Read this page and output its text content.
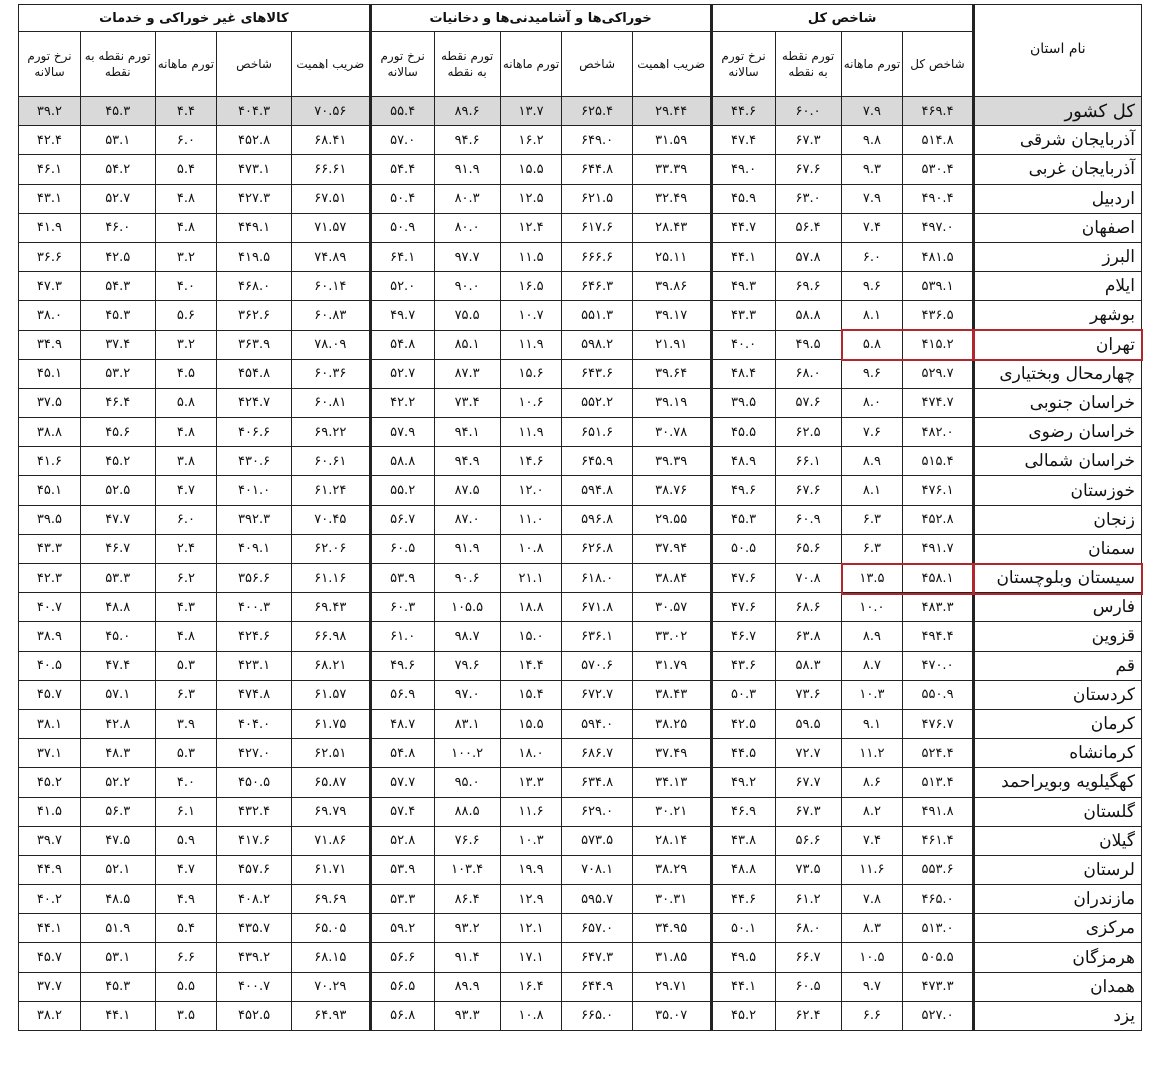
نام استان	شاخص کل				خوراکی‌ها و آشامیدنی‌ها و دخانیات					کالاهای غیر خوراکی و خدمات				
	شاخص کل	تورم ماهانه	تورم نقطه به نقطه	نرخ تورم سالانه	ضریب اهمیت	شاخص	تورم ماهانه	تورم نقطه به نقطه	نرخ تورم سالانه	ضریب اهمیت	شاخص	تورم ماهانه	تورم نقطه به نقطه	نرخ تورم سالانه
کل کشور	۴۶۹.۴	۷.۹	۶۰.۰	۴۴.۶	۲۹.۴۴	۶۲۵.۴	۱۳.۷	۸۹.۶	۵۵.۴	۷۰.۵۶	۴۰۴.۳	۴.۴	۴۵.۳	۳۹.۲
آذربایجان شرقی	۵۱۴.۸	۹.۸	۶۷.۳	۴۷.۴	۳۱.۵۹	۶۴۹.۰	۱۶.۲	۹۴.۶	۵۷.۰	۶۸.۴۱	۴۵۲.۸	۶.۰	۵۳.۱	۴۲.۴
آذربایجان غربی	۵۳۰.۴	۹.۳	۶۷.۶	۴۹.۰	۳۳.۳۹	۶۴۴.۸	۱۵.۵	۹۱.۹	۵۴.۴	۶۶.۶۱	۴۷۳.۱	۵.۴	۵۴.۲	۴۶.۱
اردبیل	۴۹۰.۴	۷.۹	۶۳.۰	۴۵.۹	۳۲.۴۹	۶۲۱.۵	۱۲.۵	۸۰.۳	۵۰.۴	۶۷.۵۱	۴۲۷.۳	۴.۸	۵۲.۷	۴۳.۱
اصفهان	۴۹۷.۰	۷.۴	۵۶.۴	۴۴.۷	۲۸.۴۳	۶۱۷.۶	۱۲.۴	۸۰.۰	۵۰.۹	۷۱.۵۷	۴۴۹.۱	۴.۸	۴۶.۰	۴۱.۹
البرز	۴۸۱.۵	۶.۰	۵۷.۸	۴۴.۱	۲۵.۱۱	۶۶۶.۶	۱۱.۵	۹۷.۷	۶۴.۱	۷۴.۸۹	۴۱۹.۵	۳.۲	۴۲.۵	۳۶.۶
ایلام	۵۳۹.۱	۹.۶	۶۹.۶	۴۹.۳	۳۹.۸۶	۶۴۶.۳	۱۶.۵	۹۰.۰	۵۲.۰	۶۰.۱۴	۴۶۸.۰	۴.۰	۵۴.۳	۴۷.۳
بوشهر	۴۳۶.۵	۸.۱	۵۸.۸	۴۳.۳	۳۹.۱۷	۵۵۱.۳	۱۰.۷	۷۵.۵	۴۹.۷	۶۰.۸۳	۳۶۲.۶	۵.۶	۴۵.۳	۳۸.۰
تهران	۴۱۵.۲	۵.۸	۴۹.۵	۴۰.۰	۲۱.۹۱	۵۹۸.۲	۱۱.۹	۸۵.۱	۵۴.۸	۷۸.۰۹	۳۶۳.۹	۳.۲	۳۷.۴	۳۴.۹
چهارمحال وبختیاری	۵۲۹.۷	۹.۶	۶۸.۰	۴۸.۴	۳۹.۶۴	۶۴۳.۶	۱۵.۶	۸۷.۳	۵۲.۷	۶۰.۳۶	۴۵۴.۸	۴.۵	۵۳.۲	۴۵.۱
خراسان جنوبی	۴۷۴.۷	۸.۰	۵۷.۶	۳۹.۵	۳۹.۱۹	۵۵۲.۲	۱۰.۶	۷۳.۴	۴۲.۲	۶۰.۸۱	۴۲۴.۷	۵.۸	۴۶.۴	۳۷.۵
خراسان رضوی	۴۸۲.۰	۷.۶	۶۲.۵	۴۵.۵	۳۰.۷۸	۶۵۱.۶	۱۱.۹	۹۴.۱	۵۷.۹	۶۹.۲۲	۴۰۶.۶	۴.۸	۴۵.۶	۳۸.۸
خراسان شمالی	۵۱۵.۴	۸.۹	۶۶.۱	۴۸.۹	۳۹.۳۹	۶۴۵.۹	۱۴.۶	۹۴.۹	۵۸.۸	۶۰.۶۱	۴۳۰.۶	۳.۸	۴۵.۲	۴۱.۶
خوزستان	۴۷۶.۱	۸.۱	۶۷.۶	۴۹.۶	۳۸.۷۶	۵۹۴.۸	۱۲.۰	۸۷.۵	۵۵.۲	۶۱.۲۴	۴۰۱.۰	۴.۷	۵۲.۵	۴۵.۱
زنجان	۴۵۲.۸	۶.۳	۶۰.۹	۴۵.۳	۲۹.۵۵	۵۹۶.۸	۱۱.۰	۸۷.۰	۵۶.۷	۷۰.۴۵	۳۹۲.۳	۶.۰	۴۷.۷	۳۹.۵
سمنان	۴۹۱.۷	۶.۳	۶۵.۶	۵۰.۵	۳۷.۹۴	۶۲۶.۸	۱۰.۸	۹۱.۹	۶۰.۵	۶۲.۰۶	۴۰۹.۱	۲.۴	۴۶.۷	۴۳.۳
سیستان وبلوچستان	۴۵۸.۱	۱۳.۵	۷۰.۸	۴۷.۶	۳۸.۸۴	۶۱۸.۰	۲۱.۱	۹۰.۶	۵۳.۹	۶۱.۱۶	۳۵۶.۶	۶.۲	۵۳.۳	۴۲.۳
فارس	۴۸۳.۳	۱۰.۰	۶۸.۶	۴۷.۶	۳۰.۵۷	۶۷۱.۸	۱۸.۸	۱۰۵.۵	۶۰.۳	۶۹.۴۳	۴۰۰.۳	۴.۳	۴۸.۸	۴۰.۷
قزوین	۴۹۴.۴	۸.۹	۶۳.۸	۴۶.۷	۳۳.۰۲	۶۳۶.۱	۱۵.۰	۹۸.۷	۶۱.۰	۶۶.۹۸	۴۲۴.۶	۴.۸	۴۵.۰	۳۸.۹
قم	۴۷۰.۰	۸.۷	۵۸.۳	۴۳.۶	۳۱.۷۹	۵۷۰.۶	۱۴.۴	۷۹.۶	۴۹.۶	۶۸.۲۱	۴۲۳.۱	۵.۳	۴۷.۴	۴۰.۵
کردستان	۵۵۰.۹	۱۰.۳	۷۳.۶	۵۰.۳	۳۸.۴۳	۶۷۲.۷	۱۵.۴	۹۷.۰	۵۶.۹	۶۱.۵۷	۴۷۴.۸	۶.۳	۵۷.۱	۴۵.۷
کرمان	۴۷۶.۷	۹.۱	۵۹.۵	۴۲.۵	۳۸.۲۵	۵۹۴.۰	۱۵.۵	۸۳.۱	۴۸.۷	۶۱.۷۵	۴۰۴.۰	۳.۹	۴۲.۸	۳۸.۱
کرمانشاه	۵۲۴.۴	۱۱.۲	۷۲.۷	۴۴.۵	۳۷.۴۹	۶۸۶.۷	۱۸.۰	۱۰۰.۲	۵۴.۸	۶۲.۵۱	۴۲۷.۰	۵.۳	۴۸.۳	۳۷.۱
کهگیلویه وبویراحمد	۵۱۳.۴	۸.۶	۶۷.۷	۴۹.۲	۳۴.۱۳	۶۳۴.۸	۱۳.۳	۹۵.۰	۵۷.۷	۶۵.۸۷	۴۵۰.۵	۴.۰	۵۲.۲	۴۵.۲
گلستان	۴۹۱.۸	۸.۲	۶۷.۳	۴۶.۹	۳۰.۲۱	۶۲۹.۰	۱۱.۶	۸۸.۵	۵۷.۴	۶۹.۷۹	۴۳۲.۴	۶.۱	۵۶.۳	۴۱.۵
گیلان	۴۶۱.۴	۷.۴	۵۶.۶	۴۳.۸	۲۸.۱۴	۵۷۳.۵	۱۰.۳	۷۶.۶	۵۲.۸	۷۱.۸۶	۴۱۷.۶	۵.۹	۴۷.۵	۳۹.۷
لرستان	۵۵۳.۶	۱۱.۶	۷۳.۵	۴۸.۸	۳۸.۲۹	۷۰۸.۱	۱۹.۹	۱۰۳.۴	۵۳.۹	۶۱.۷۱	۴۵۷.۶	۴.۷	۵۲.۱	۴۴.۹
مازندران	۴۶۵.۰	۷.۸	۶۱.۲	۴۴.۶	۳۰.۳۱	۵۹۵.۷	۱۲.۹	۸۶.۴	۵۳.۳	۶۹.۶۹	۴۰۸.۲	۴.۹	۴۸.۵	۴۰.۲
مرکزی	۵۱۳.۰	۸.۳	۶۸.۰	۵۰.۱	۳۴.۹۵	۶۵۷.۰	۱۲.۱	۹۳.۲	۵۹.۲	۶۵.۰۵	۴۳۵.۷	۵.۴	۵۱.۹	۴۴.۱
هرمزگان	۵۰۵.۵	۱۰.۵	۶۶.۷	۴۹.۵	۳۱.۸۵	۶۴۷.۳	۱۷.۱	۹۱.۴	۵۶.۶	۶۸.۱۵	۴۳۹.۲	۶.۶	۵۳.۱	۴۵.۷
همدان	۴۷۳.۳	۹.۷	۶۰.۵	۴۴.۱	۲۹.۷۱	۶۴۴.۹	۱۶.۴	۸۹.۹	۵۶.۵	۷۰.۲۹	۴۰۰.۷	۵.۵	۴۵.۳	۳۷.۷
یزد	۵۲۷.۰	۶.۶	۶۲.۴	۴۵.۲	۳۵.۰۷	۶۶۵.۰	۱۰.۸	۹۳.۳	۵۶.۸	۶۴.۹۳	۴۵۲.۵	۳.۵	۴۴.۱	۳۸.۲
